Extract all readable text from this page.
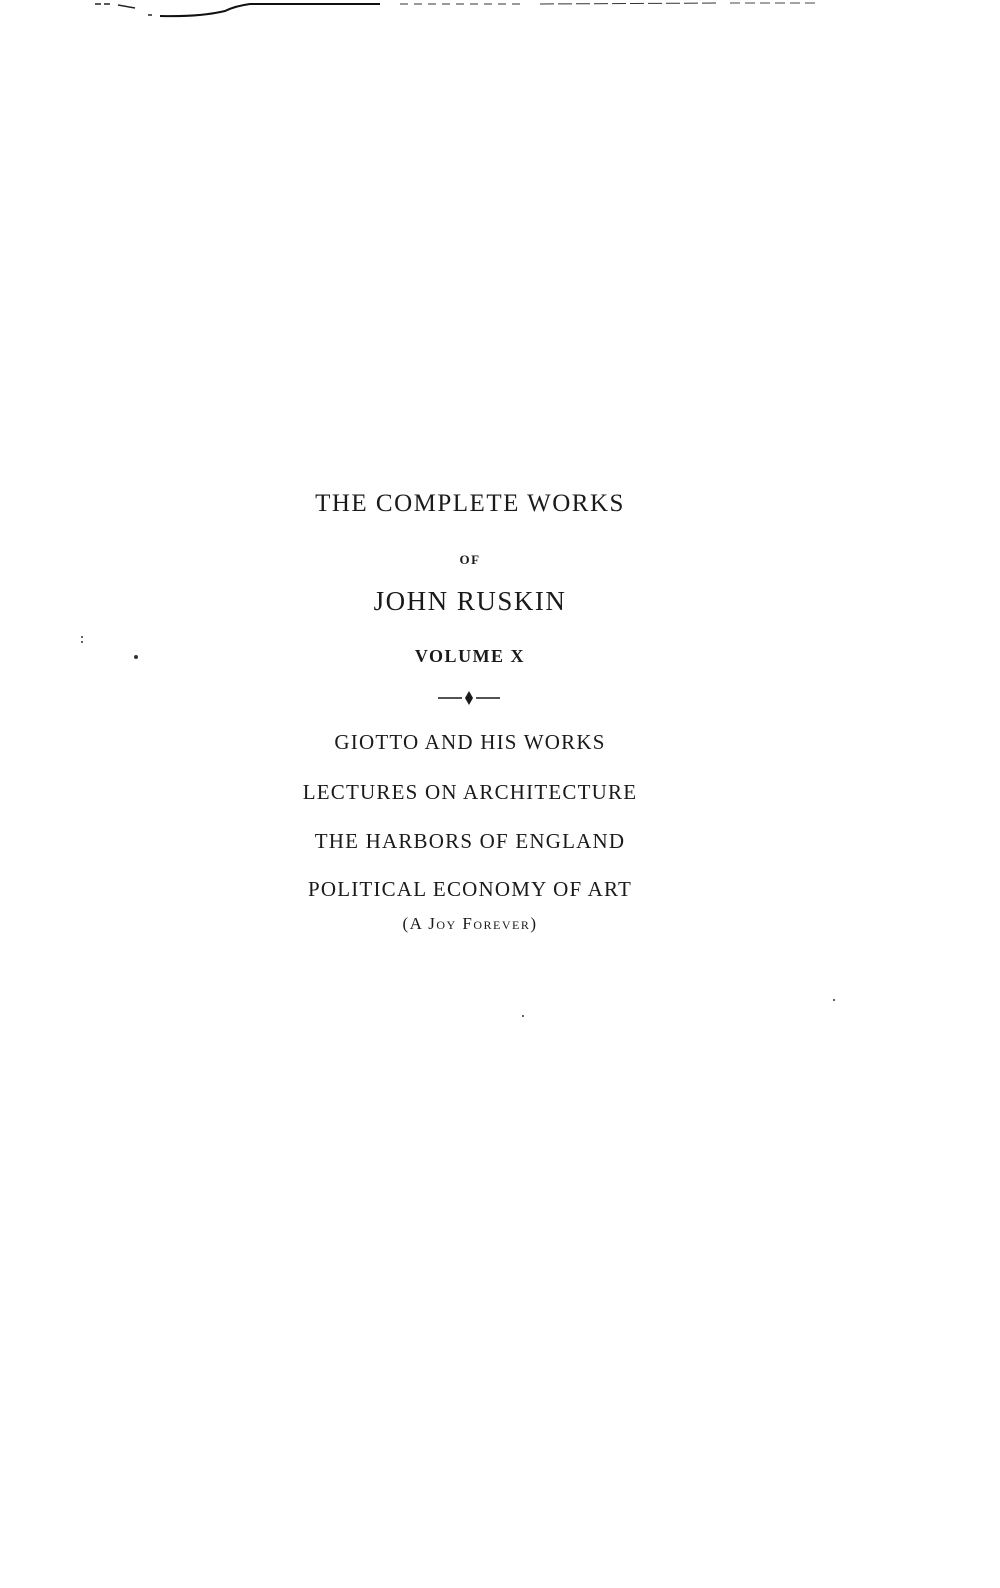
THE COMPLETE WORKS
OF
JOHN RUSKIN
VOLUME X
GIOTTO AND HIS WORKS
LECTURES ON ARCHITECTURE
THE HARBORS OF ENGLAND
POLITICAL ECONOMY OF ART
(A Joy Forever)
